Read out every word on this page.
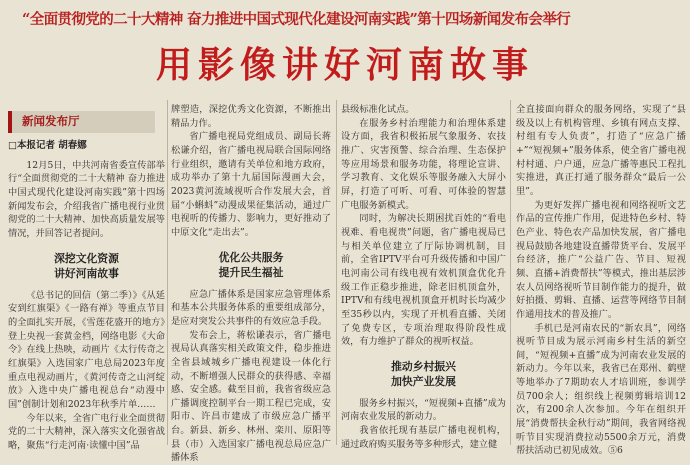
“全面贯彻党的二十大精神 奋力推进中国式现代化建设河南实践”第十四场新闻发布会举行
用影像讲好河南故事
新闻发布厅

□本报记者 胡春娜

12月5日，中共河南省委宣传部举行“全面贯彻党的二十大精神 奋力推进中国式现代化建设河南实践”第十四场新闻发布会，介绍我省广播电视行业贯彻党的二十大精神、加快高质量发展等情况，并回答记者提问。

深挖文化资源
讲好河南故事

《总书记的回信（第二季）》《从延安到红旗渠》《一路有禅》等重点节目的全面扎实开展，《雪莲花盛开的地方》登上央视一套黄金档，网络电影《大命令》在线上热映，动画片《太行传奇之红旗渠》入选国家广电总局2023年度重点电视动画片，《黄河传奇之山河绽放》入选中央广播电视总台“动漫中国”创制计划和2023年秋季片单……

今年以来，全省广电行业全面贯彻党的二十大精神，深入落实文化强省战略，聚焦“行走河南·读懂中国”品

牌塑造，深挖优秀文化资源，不断推出精品力作。

省广播电视局党组成员、副局长蒋松谦介绍，省广播电视局联合国际网络行业组织，邀请有关单位和地方政府，成功举办了第十九届国际漫画大会，2023黄河流域视听合作发展大会，首届“小蝌蚪”动漫成果征集活动，通过广电视听的传播力、影响力，更好推动了中原文化“走出去”。

优化公共服务
提升民生福祉

应急广播体系是国家应急管理体系和基本公共服务体系的重要组成部分，是应对突发公共事件的有效应急手段。

发布会上，蒋松谦表示，省广播电视局认真落实相关政策文件，稳步推进全省县域城乡广播电视建设一体化行动，不断增强人民群众的获得感、幸福感、安全感。截至目前，我省省级应急广播调度控制平台一期工程已完成，安阳市、许昌市建成了市级应急广播平台。新县、新乡、林州、栾川、原阳等县（市）入选国家广播电视总局应急广播体系

县级标准化试点。

在服务乡村治理能力和治理体系建设方面，我省积极拓展气象服务、农技推广、灾害预警、综合治理、生态保护等应用场景和服务功能，将理论宣讲、学习教育、文化娱乐等服务融入大屏小屏，打造了可听、可看、可体验的智慧广电服务新模式。

同时，为解决长期困扰百姓的“看电视难、看电视贵”问题，省广播电视局已与相关单位建立了厅际协调机制，目前，全省IPTV平台可升级传播和中国广电河南公司有线电视有效机顶盒优化升级工作正稳步推进，除老旧机顶盒外，IPTV和有线电视机顶盒开机时长均减少至35秒以内，实现了开机看直播、关闭了免费专区，专项治理取得阶段性成效，有力维护了群众的视听权益。

推动乡村振兴
加快产业发展

服务乡村振兴，“短视频+直播”成为河南农业发展的新动力。

我省依托现有基层广播电视机构，通过政府购买服务等多种形式，建立健

全直接面向群众的服务网络，实现了“县级及以上有机构管理、乡镇有网点支撑、村组有专人负责”，打造了“应急广播+”“短视频+”服务体系，使全省广播电视村村通、户户通，应急广播等惠民工程扎实推进，真正打通了服务群众“最后一公里”。

为更好发挥广播电视和网络视听文艺作品的宣传推广作用，促进特色乡村、特色产业、特色农产品加快发展，省广播电视局鼓励各地建设直播带货平台、发展平台经济，推广“公益广告、节目、短视频、直播+消费帮扶”等模式，推出基层涉农人员网络视听节目制作能力的提升，做好拍摄、剪辑、直播、运营等网络节目制作通用技术的普及推广。

手机已是河南农民的“新农具”，网络视听节目成为展示河南乡村生活的新空间，“短视频+直播”成为河南农业发展的新动力。今年以来，我省已在郑州、鹤壁等地举办了7期助农人才培训班，参训学员700余人；组织线上视频剪辑培训12次，有200余人次参加。今年在组织开展“消费帮扶金秋行动”期间，我省网络视听节目实现消费拉动5500余万元，消费帮扶活动已初见成效。⑤6
